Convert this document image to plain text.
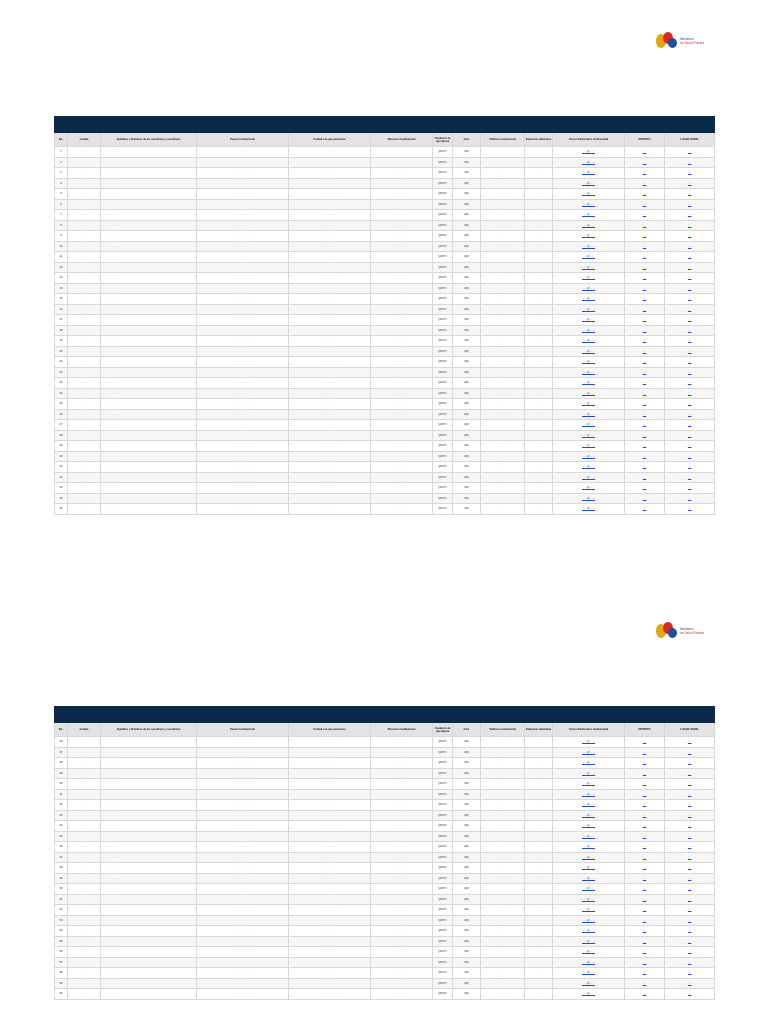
Ministerio
de Salud Pública

No.	Cédula	Apellidos y Nombres de los servidores y servidoras	Puesto Institucional	Unidad a la que pertenece	Dirección institucional	Ciudad en la que labora	Cód.	Teléfono institucional	Extensión telefónica	Correo Electrónico institucional	DISTRITO	LUGAR ZONAL
1	··········	····················	····················	··················	···········	QUITO	(02)	··· ····	····	······@······	····	····
2	··········	····················	····················	··················	···········	QUITO	(02)	··· ····	····	······@······	····	····
3	··········	····················	····················	··················	···········	QUITO	(02)	··· ····	····	······@······	····	····
4	··········	····················	····················	··················	···········	QUITO	(02)	··· ····	····	······@······	····	····
5	··········	····················	····················	··················	···········	QUITO	(02)	··· ····	····	······@······	····	····
6	··········	····················	····················	··················	···········	QUITO	(02)	··· ····	····	······@······	····	····
7	··········	····················	····················	··················	···········	QUITO	(02)	··· ····	····	······@······	····	····
8	··········	····················	····················	··················	···········	QUITO	(02)	··· ····	····	······@······	····	····
9	··········	····················	····················	··················	···········	QUITO	(02)	··· ····	····	······@······	····	····
10	··········	····················	····················	··················	···········	QUITO	(02)	··· ····	····	······@······	····	····
11	··········	····················	····················	··················	···········	QUITO	(02)	··· ····	····	······@······	····	····
12	··········	····················	····················	··················	···········	QUITO	(02)	··· ····	····	······@······	····	····
13	··········	····················	····················	··················	···········	QUITO	(02)	··· ····	····	······@······	····	····
14	··········	····················	····················	··················	···········	QUITO	(02)	··· ····	····	······@······	····	····
15	··········	····················	····················	··················	···········	QUITO	(02)	··· ····	····	······@······	····	····
16	··········	····················	····················	··················	···········	QUITO	(02)	··· ····	····	······@······	····	····
17	··········	····················	····················	··················	···········	QUITO	(02)	··· ····	····	······@······	····	····
18	··········	····················	····················	··················	···········	QUITO	(02)	··· ····	····	······@······	····	····
19	··········	····················	····················	··················	···········	QUITO	(02)	··· ····	····	······@······	····	····
20	··········	····················	····················	··················	···········	QUITO	(02)	··· ····	····	······@······	····	····
21	··········	····················	····················	··················	···········	QUITO	(02)	··· ····	····	······@······	····	····
22	··········	····················	····················	··················	···········	QUITO	(02)	··· ····	····	······@······	····	····
23	··········	····················	····················	··················	···········	QUITO	(02)	··· ····	····	······@······	····	····
24	··········	····················	····················	··················	···········	QUITO	(02)	··· ····	····	······@······	····	····
25	··········	····················	····················	··················	···········	QUITO	(02)	··· ····	····	······@······	····	····
26	··········	····················	····················	··················	···········	QUITO	(02)	··· ····	····	······@······	····	····
27	··········	····················	····················	··················	···········	QUITO	(02)	··· ····	····	······@······	····	····
28	··········	····················	····················	··················	···········	QUITO	(02)	··· ····	····	······@······	····	····
29	··········	····················	····················	··················	···········	QUITO	(02)	··· ····	····	······@······	····	····
30	··········	····················	····················	··················	···········	QUITO	(02)	··· ····	····	······@······	····	····
31	··········	····················	····················	··················	···········	QUITO	(02)	··· ····	····	······@······	····	····
32	··········	····················	····················	··················	···········	QUITO	(02)	··· ····	····	······@······	····	····
33	··········	····················	····················	··················	···········	QUITO	(02)	··· ····	····	······@······	····	····
34	··········	····················	····················	··················	···········	QUITO	(02)	··· ····	····	······@······	····	····
35	··········	····················	····················	··················	···········	QUITO	(02)	··· ····	····	······@······	····	····
Ministerio
de Salud Pública

No.	Cédula	Apellidos y Nombres de los servidores y servidoras	Puesto Institucional	Unidad a la que pertenece	Dirección institucional	Ciudad en la que labora	Cód.	Teléfono institucional	Extensión telefónica	Correo Electrónico institucional	DISTRITO	LUGAR ZONAL
36	··········	····················	····················	··················	···········	QUITO	(02)	··· ····	····	······@······	····	····
37	··········	····················	····················	··················	···········	QUITO	(02)	··· ····	····	······@······	····	····
38	··········	····················	····················	··················	···········	QUITO	(02)	··· ····	····	······@······	····	····
39	··········	····················	····················	··················	···········	QUITO	(02)	··· ····	····	······@······	····	····
40	··········	····················	····················	··················	···········	QUITO	(02)	··· ····	····	······@······	····	····
41	··········	····················	····················	··················	···········	QUITO	(02)	··· ····	····	······@······	····	····
42	··········	····················	····················	··················	···········	QUITO	(02)	··· ····	····	······@······	····	····
43	··········	····················	····················	··················	···········	QUITO	(02)	··· ····	····	······@······	····	····
44	··········	····················	····················	··················	···········	QUITO	(02)	··· ····	····	······@······	····	····
45	··········	····················	····················	··················	···········	QUITO	(02)	··· ····	····	······@······	····	····
46	··········	····················	····················	··················	···········	QUITO	(02)	··· ····	····	······@······	····	····
47	··········	····················	····················	··················	···········	QUITO	(02)	··· ····	····	······@······	····	····
48	··········	····················	····················	··················	···········	QUITO	(02)	··· ····	····	······@······	····	····
49	··········	····················	····················	··················	···········	QUITO	(02)	··· ····	····	······@······	····	····
50	··········	····················	····················	··················	···········	QUITO	(02)	··· ····	····	······@······	····	····
51	··········	····················	····················	··················	···········	QUITO	(02)	··· ····	····	······@······	····	····
52	··········	····················	····················	··················	···········	QUITO	(02)	··· ····	····	······@······	····	····
53	··········	····················	····················	··················	···········	QUITO	(02)	··· ····	····	······@······	····	····
54	··········	····················	····················	··················	···········	QUITO	(02)	··· ····	····	······@······	····	····
55	··········	····················	····················	··················	···········	QUITO	(02)	··· ····	····	······@······	····	····
56	··········	····················	····················	··················	···········	QUITO	(02)	··· ····	····	······@······	····	····
57	··········	····················	····················	··················	···········	QUITO	(02)	··· ····	····	······@······	····	····
58	··········	····················	····················	··················	···········	QUITO	(02)	··· ····	····	······@······	····	····
59	··········	····················	····················	··················	···········	QUITO	(02)	··· ····	····	······@······	····	····
60	··········	····················	····················	··················	···········	QUITO	(02)	··· ····	····	······@······	····	····
